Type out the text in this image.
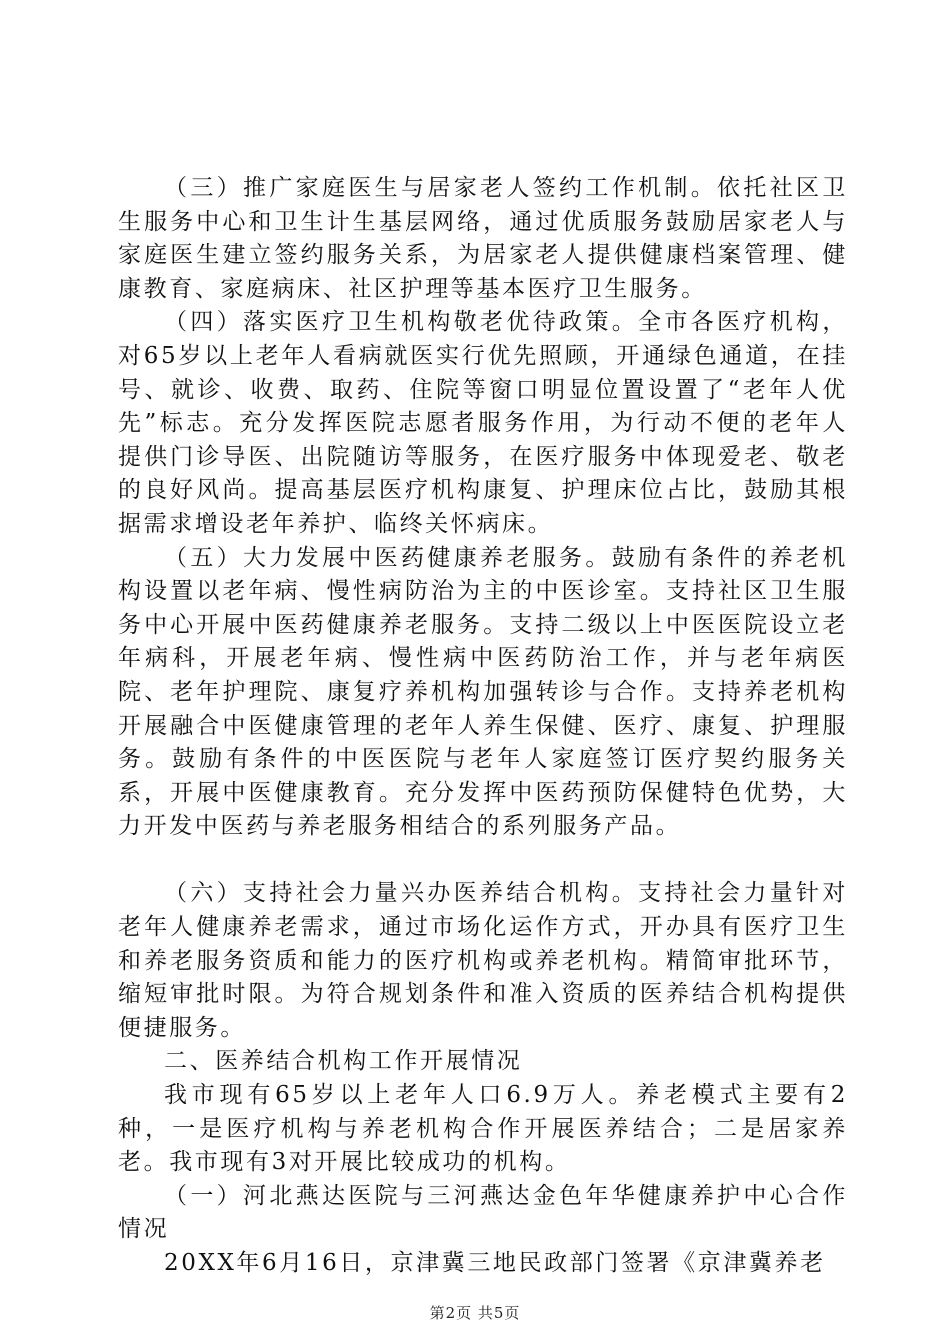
（三）推广家庭医生与居家老人签约工作机制。依托社区卫生服务中心和卫生计生基层网络，通过优质服务鼓励居家老人与家庭医生建立签约服务关系，为居家老人提供健康档案管理、健康教育、家庭病床、社区护理等基本医疗卫生服务。

（四）落实医疗卫生机构敬老优待政策。全市各医疗机构，对65岁以上老年人看病就医实行优先照顾，开通绿色通道，在挂号、就诊、收费、取药、住院等窗口明显位置设置了“老年人优先”标志。充分发挥医院志愿者服务作用，为行动不便的老年人提供门诊导医、出院随访等服务，在医疗服务中体现爱老、敬老的良好风尚。提高基层医疗机构康复、护理床位占比，鼓励其根据需求增设老年养护、临终关怀病床。

（五）大力发展中医药健康养老服务。鼓励有条件的养老机构设置以老年病、慢性病防治为主的中医诊室。支持社区卫生服务中心开展中医药健康养老服务。支持二级以上中医医院设立老年病科，开展老年病、慢性病中医药防治工作，并与老年病医院、老年护理院、康复疗养机构加强转诊与合作。支持养老机构开展融合中医健康管理的老年人养生保健、医疗、康复、护理服务。鼓励有条件的中医医院与老年人家庭签订医疗契约服务关系，开展中医健康教育。充分发挥中医药预防保健特色优势，大力开发中医药与养老服务相结合的系列服务产品。

（六）支持社会力量兴办医养结合机构。支持社会力量针对老年人健康养老需求，通过市场化运作方式，开办具有医疗卫生和养老服务资质和能力的医疗机构或养老机构。精简审批环节，缩短审批时限。为符合规划条件和准入资质的医养结合机构提供便捷服务。

二、医养结合机构工作开展情况

我市现有65岁以上老年人口6.9万人。养老模式主要有2种，一是医疗机构与养老机构合作开展医养结合；二是居家养老。我市现有3对开展比较成功的机构。

（一）河北燕达医院与三河燕达金色年华健康养护中心合作情况

20XX年6月16日，京津冀三地民政部门签署《京津冀养老

第2页 共5页
